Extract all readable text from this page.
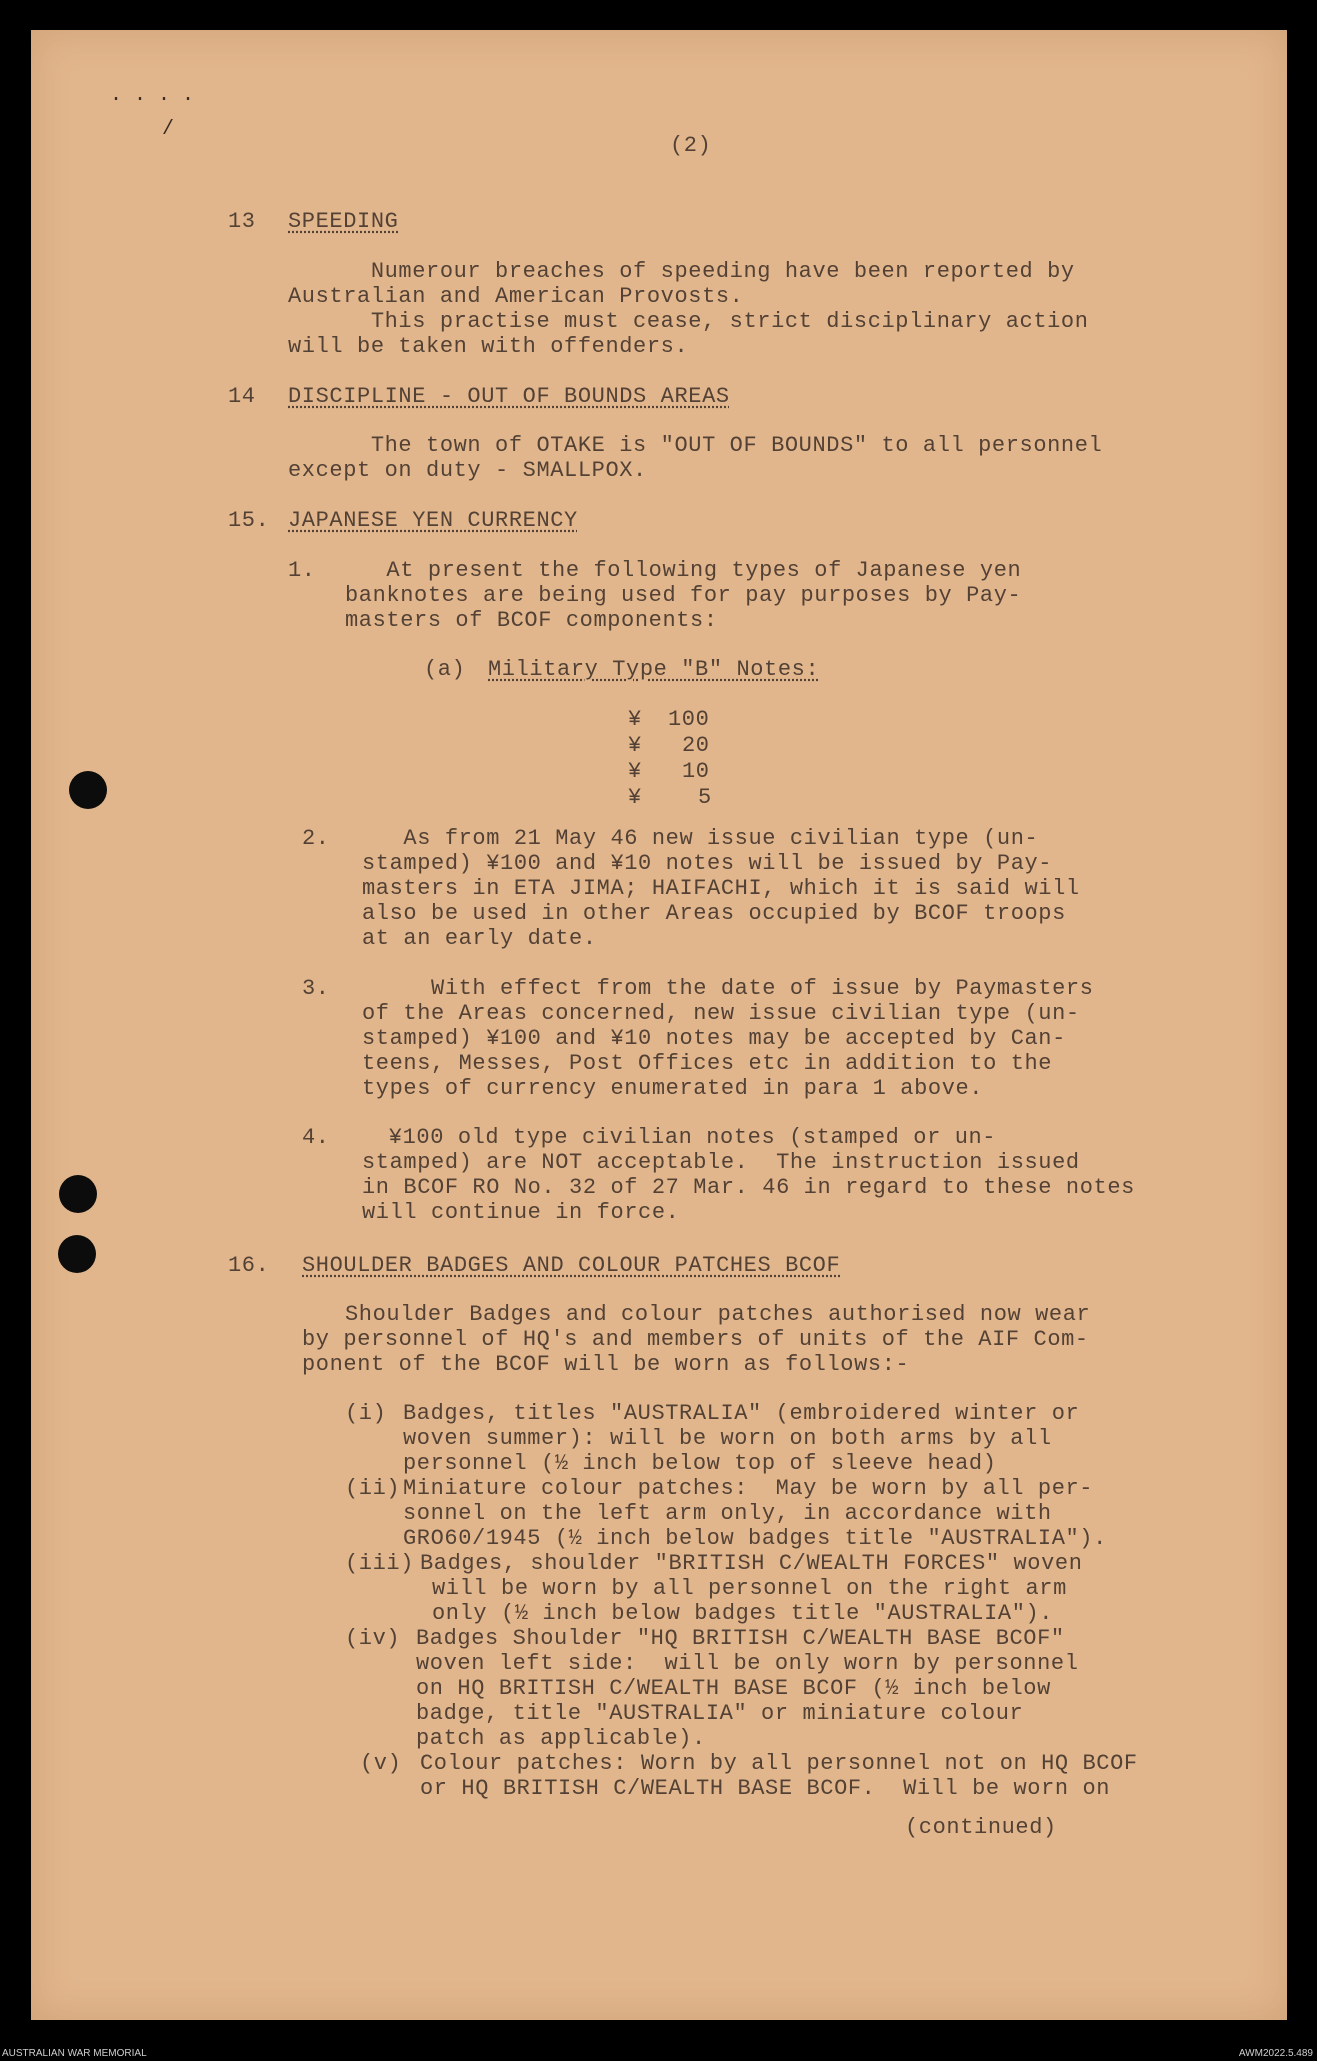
· · · ·
/
(2)
13 SPEEDING
Numerour breaches of speeding have been reported by
Australian and American Provosts.
This practise must cease, strict disciplinary action
will be taken with offenders.
14 DISCIPLINE - OUT OF BOUNDS AREAS
The town of OTAKE is "OUT OF BOUNDS" to all personnel
except on duty - SMALLPOX.
15. JAPANESE YEN CURRENCY
1. At present the following types of Japanese yen
banknotes are being used for pay purposes by Pay-
masters of BCOF components:
(a) Military Type "B" Notes:
¥ 100
¥ 20
¥ 10
¥	5
2. As from 21 May 46 new issue civilian type (un-
stamped) ¥100 and ¥10 notes will be issued by Pay-
masters in ETA JIMA; HAIFACHI, which it is said will
also be used in other Areas occupied by BCOF troops
at an early date.
3. With effect from the date of issue by Paymasters
of the Areas concerned, new issue civilian type (un-
stamped) ¥100 and ¥10 notes may be accepted by Can-
teens, Messes, Post Offices etc in addition to the
types of currency enumerated in para 1 above.
4. ¥100 old type civilian notes (stamped or un-
stamped) are NOT acceptable.  The instruction issued
in BCOF RO No. 32 of 27 Mar. 46 in regard to these notes
will continue in force.
16. SHOULDER BADGES AND COLOUR PATCHES BCOF
Shoulder Badges and colour patches authorised now wear
by personnel of HQ's and members of units of the AIF Com-
ponent of the BCOF will be worn as follows:-
(i) Badges, titles "AUSTRALIA" (embroidered winter or
woven summer): will be worn on both arms by all
personnel (½ inch below top of sleeve head)
(ii) Miniature colour patches:  May be worn by all per-
sonnel on the left arm only, in accordance with
GRO60/1945 (½ inch below badges title "AUSTRALIA").
(iii) Badges, shoulder "BRITISH C/WEALTH FORCES" woven
will be worn by all personnel on the right arm
only (½ inch below badges title "AUSTRALIA").
(iv) Badges Shoulder "HQ BRITISH C/WEALTH BASE BCOF"
woven left side:  will be only worn by personnel
on HQ BRITISH C/WEALTH BASE BCOF (½ inch below
badge, title "AUSTRALIA" or miniature colour
patch as applicable).
(v) Colour patches: Worn by all personnel not on HQ BCOF
or HQ BRITISH C/WEALTH BASE BCOF.  Will be worn on
(continued)
AUSTRALIAN WAR MEMORIAL	AWM2022.5.489
